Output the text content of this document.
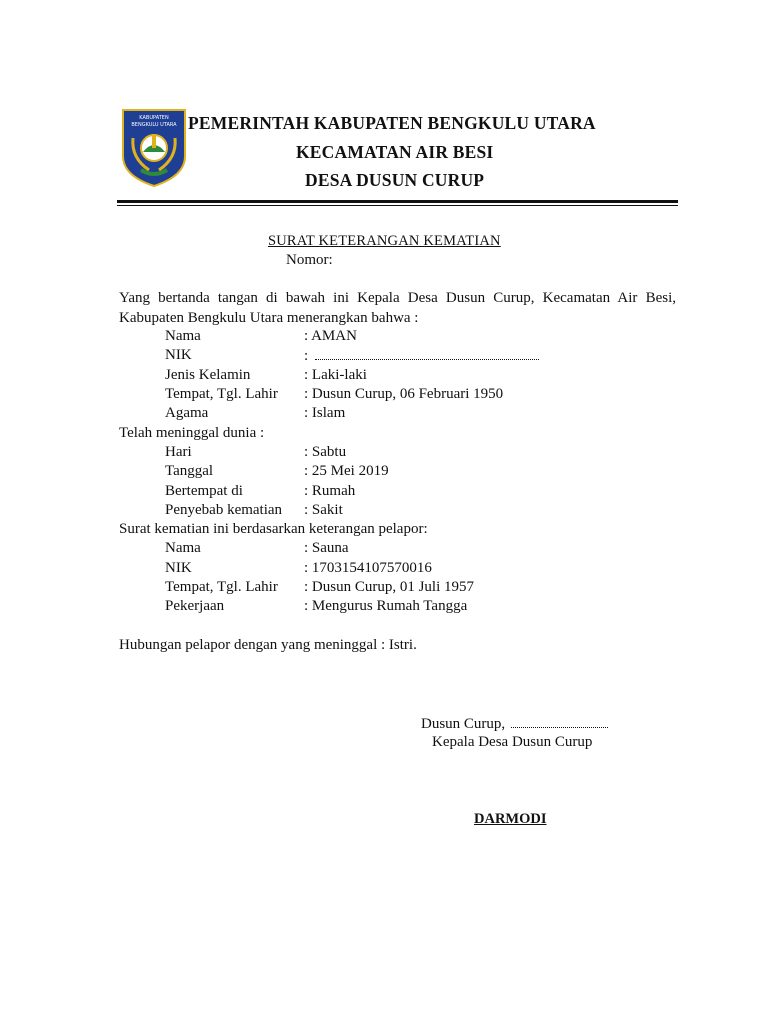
KABUPATEN
BENGKULU UTARA PEMERINTAH KABUPATEN BENGKULU UTARA
KECAMATAN AIR BESI
DESA DUSUN CURUP
SURAT KETERANGAN KEMATIAN
Nomor:
Yang bertanda tangan di bawah ini Kepala Desa Dusun Curup, Kecamatan Air Besi, Kabupaten Bengkulu Utara menerangkan bahwa :
Nama	: AMAN
NIK	:
Jenis Kelamin	: Laki-laki
Tempat, Tgl. Lahir : Dusun Curup, 06 Februari 1950
Agama	: Islam
Telah meninggal dunia :
Hari	: Sabtu
Tanggal	: 25 Mei 2019
Bertempat di	: Rumah
Penyebab kematian : Sakit
Surat kematian ini berdasarkan keterangan pelapor:
Nama	: Sauna
NIK	: 1703154107570016
Tempat, Tgl. Lahir : Dusun Curup, 01 Juli 1957
Pekerjaan	: Mengurus Rumah Tangga
Hubungan pelapor dengan yang meninggal : Istri.
Dusun Curup,
Kepala Desa Dusun Curup
DARMODI
